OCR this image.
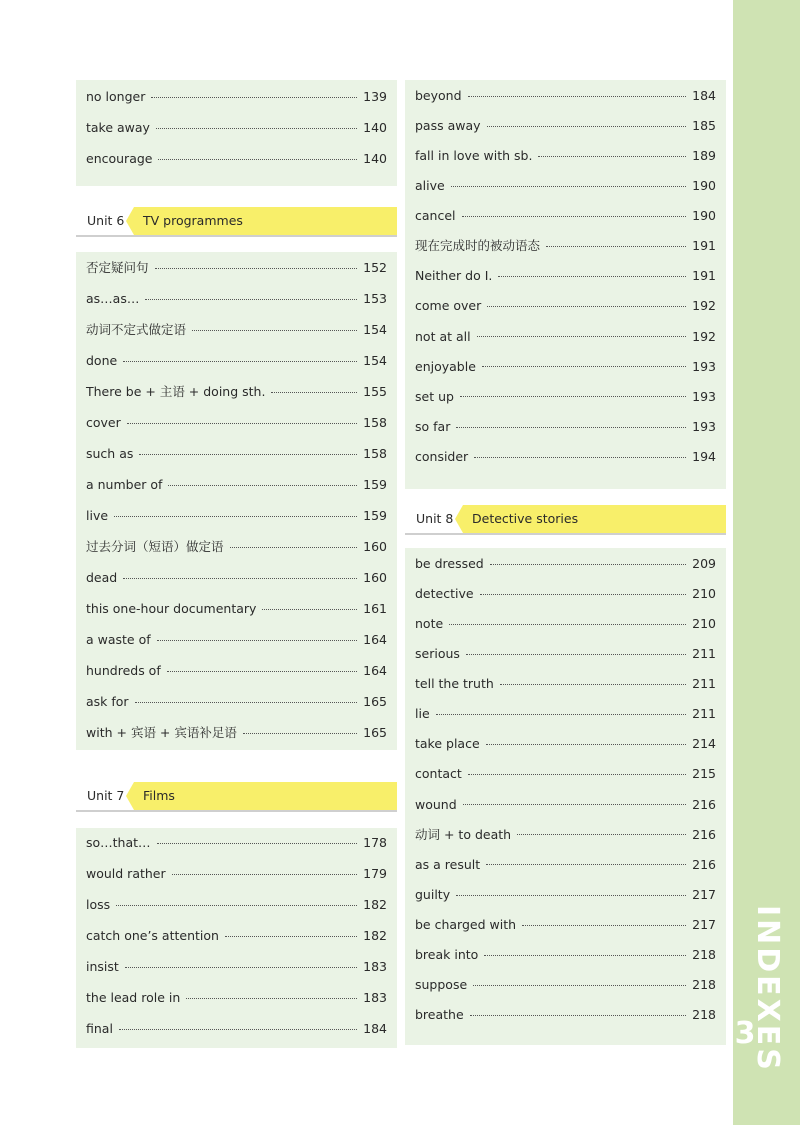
INDEXES
3
no longer	139
take away	140
encourage	140
Unit 6	TV programmes
否定疑问句	152
as…as…	153
动词不定式做定语	154
done	154
There be + 主语 + doing sth.	155
cover	158
such as	158
a number of	159
live	159
过去分词（短语）做定语	160
dead	160
this one-hour documentary	161
a waste of	164
hundreds of	164
ask for	165
with + 宾语 + 宾语补足语	165
Unit 7	Films
so…that…	178
would rather	179
loss	182
catch one’s attention	182
insist	183
the lead role in	183
final	184
beyond	184
pass away	185
fall in love with sb.	189
alive	190
cancel	190
现在完成时的被动语态	191
Neither do I.	191
come over	192
not at all	192
enjoyable	193
set up	193
so far	193
consider	194
Unit 8	Detective stories
be dressed	209
detective	210
note	210
serious	211
tell the truth	211
lie	211
take place	214
contact	215
wound	216
动词 + to death	216
as a result	216
guilty	217
be charged with	217
break into	218
suppose	218
breathe	218
